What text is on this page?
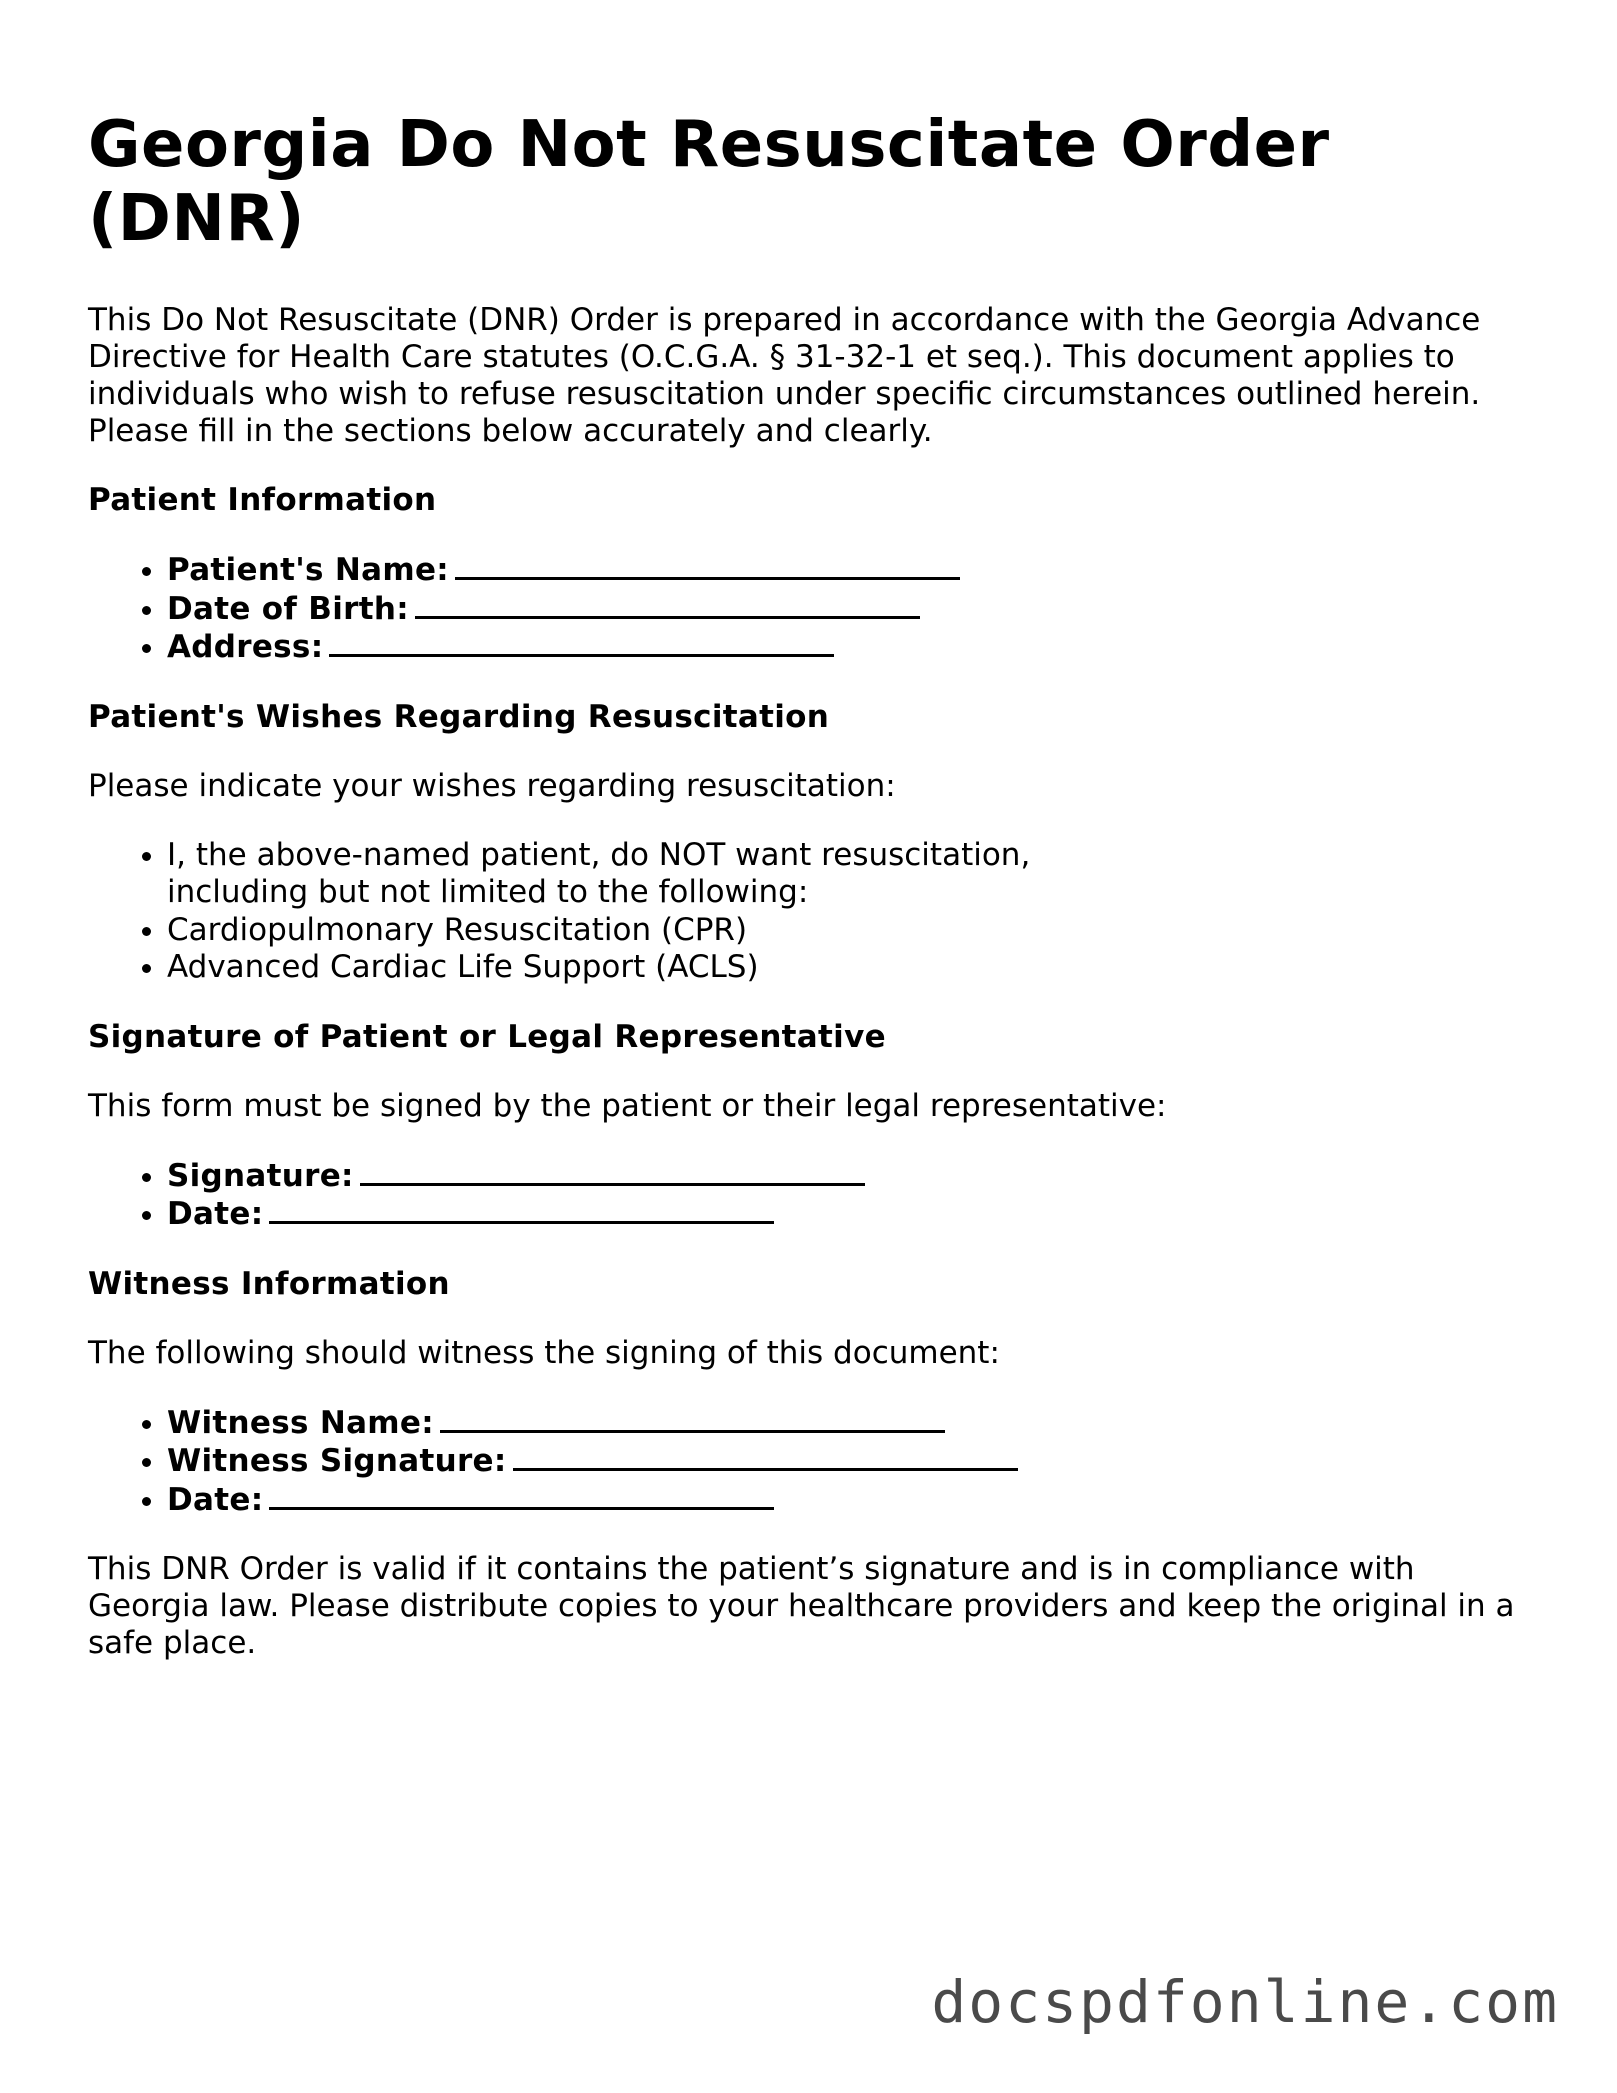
Georgia Do Not Resuscitate Order (DNR)

This Do Not Resuscitate (DNR) Order is prepared in accordance with the Georgia Advance Directive for Health Care statutes (O.C.G.A. § 31-32-1 et seq.). This document applies to individuals who wish to refuse resuscitation under specific circumstances outlined herein. Please fill in the sections below accurately and clearly.

Patient Information
• Patient's Name:
• Date of Birth:
• Address:
Patient's Wishes Regarding Resuscitation

Please indicate your wishes regarding resuscitation:

• I, the above-named patient, do NOT want resuscitation, including but not limited to the following:
• Cardiopulmonary Resuscitation (CPR)
• Advanced Cardiac Life Support (ACLS)
Signature of Patient or Legal Representative

This form must be signed by the patient or their legal representative:

• Signature:
• Date:
Witness Information

The following should witness the signing of this document:

• Witness Name:
• Witness Signature:
• Date:

This DNR Order is valid if it contains the patient’s signature and is in compliance with Georgia law. Please distribute copies to your healthcare providers and keep the original in a safe place.

docspdfonline.com
